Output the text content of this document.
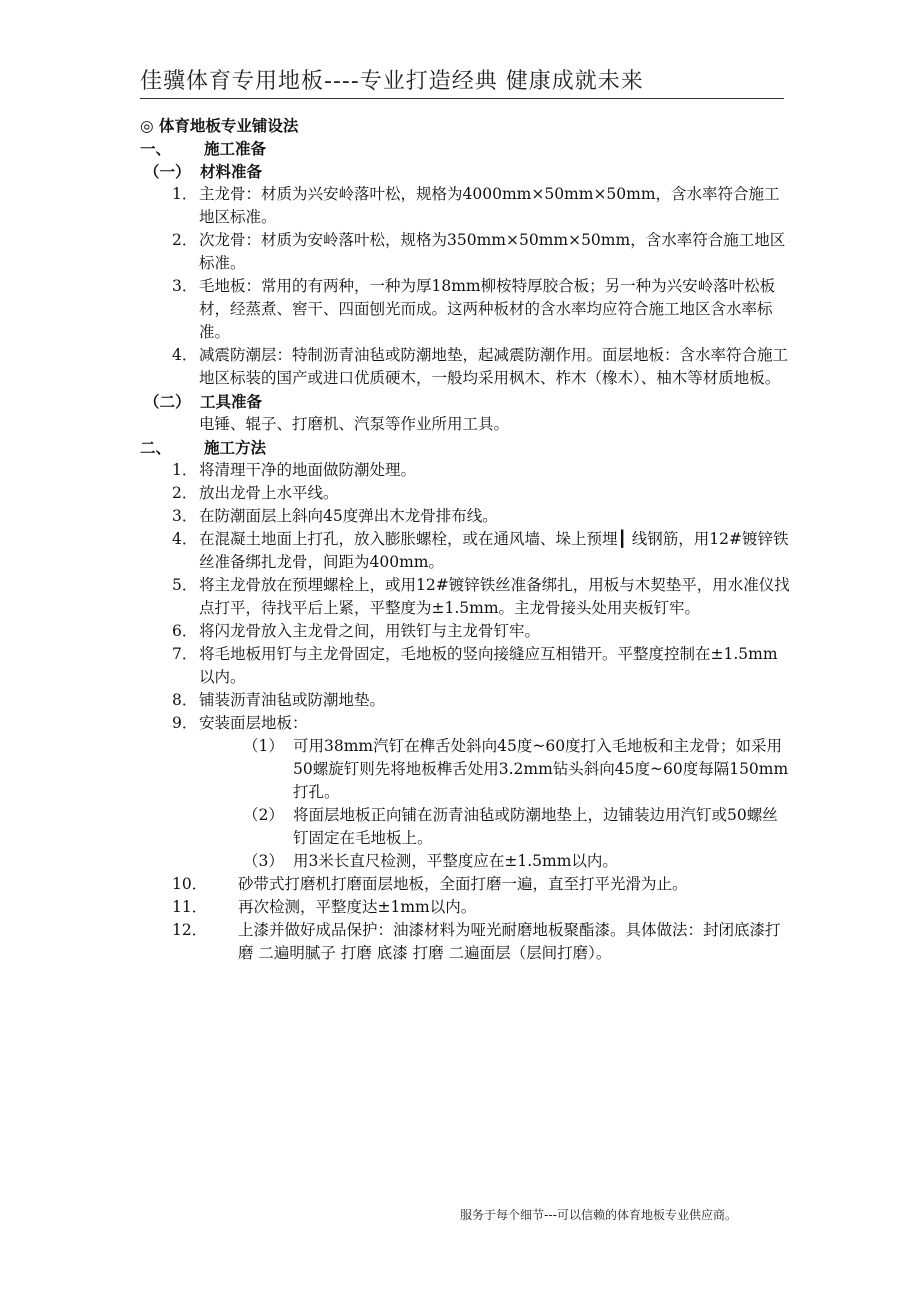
佳骥体育专用地板----专业打造经典 健康成就未来
◎ 体育地板专业铺设法
一、	施工准备
（一） 材料准备
1． 主龙骨：材质为兴安岭落叶松，规格为4000mm×50mm×50mm，含水率符合施工地区标准。
2． 次龙骨：材质为安岭落叶松，规格为350mm×50mm×50mm，含水率符合施工地区标准。
3． 毛地板：常用的有两种，一种为厚18mm柳桉特厚胶合板；另一种为兴安岭落叶松板材，经蒸煮、窖干、四面刨光而成。这两种板材的含水率均应符合施工地区含水率标准。
4． 减震防潮层：特制沥青油毡或防潮地垫，起减震防潮作用。面层地板：含水率符合施工地区标装的国产或进口优质硬木，一般均采用枫木、柞木（橡木）、柚木等材质地板。
（二） 工具准备
电锤、辊子、打磨机、汽泵等作业所用工具。
二、	施工方法
1． 将清理干净的地面做防潮处理。
2． 放出龙骨上水平线。
3． 在防潮面层上斜向45度弹出木龙骨排布线。
4． 在混凝土地面上打孔，放入膨胀螺栓，或在通风墙、垛上预埋┃ 线钢筋，用12#镀锌铁丝准备绑扎龙骨，间距为400mm。
5． 将主龙骨放在预埋螺栓上，或用12#镀锌铁丝准备绑扎，用板与木契垫平，用水准仪找点打平，待找平后上紧，平整度为±1.5mm。主龙骨接头处用夹板钉牢。
6． 将闪龙骨放入主龙骨之间，用铁钉与主龙骨钉牢。
7． 将毛地板用钉与主龙骨固定，毛地板的竖向接缝应互相错开。平整度控制在±1.5mm以内。
8． 铺装沥青油毡或防潮地垫。
9． 安装面层地板：
（1） 可用38mm汽钉在榫舌处斜向45度~60度打入毛地板和主龙骨；如采用50螺旋钉则先将地板榫舌处用3.2mm钻头斜向45度~60度每隔150mm打孔。
（2） 将面层地板正向铺在沥青油毡或防潮地垫上，边铺装边用汽钉或50螺丝钉固定在毛地板上。
（3） 用3米长直尺检测，平整度应在±1.5mm以内。
10．	砂带式打磨机打磨面层地板，全面打磨一遍，直至打平光滑为止。
11．	再次检测，平整度达±1mm以内。
12．	上漆并做好成品保护：油漆材料为哑光耐磨地板聚酯漆。具体做法：封闭底漆打磨 二遍明腻子 打磨 底漆 打磨 二遍面层（层间打磨）。
服务于每个细节---可以信赖的体育地板专业供应商。
